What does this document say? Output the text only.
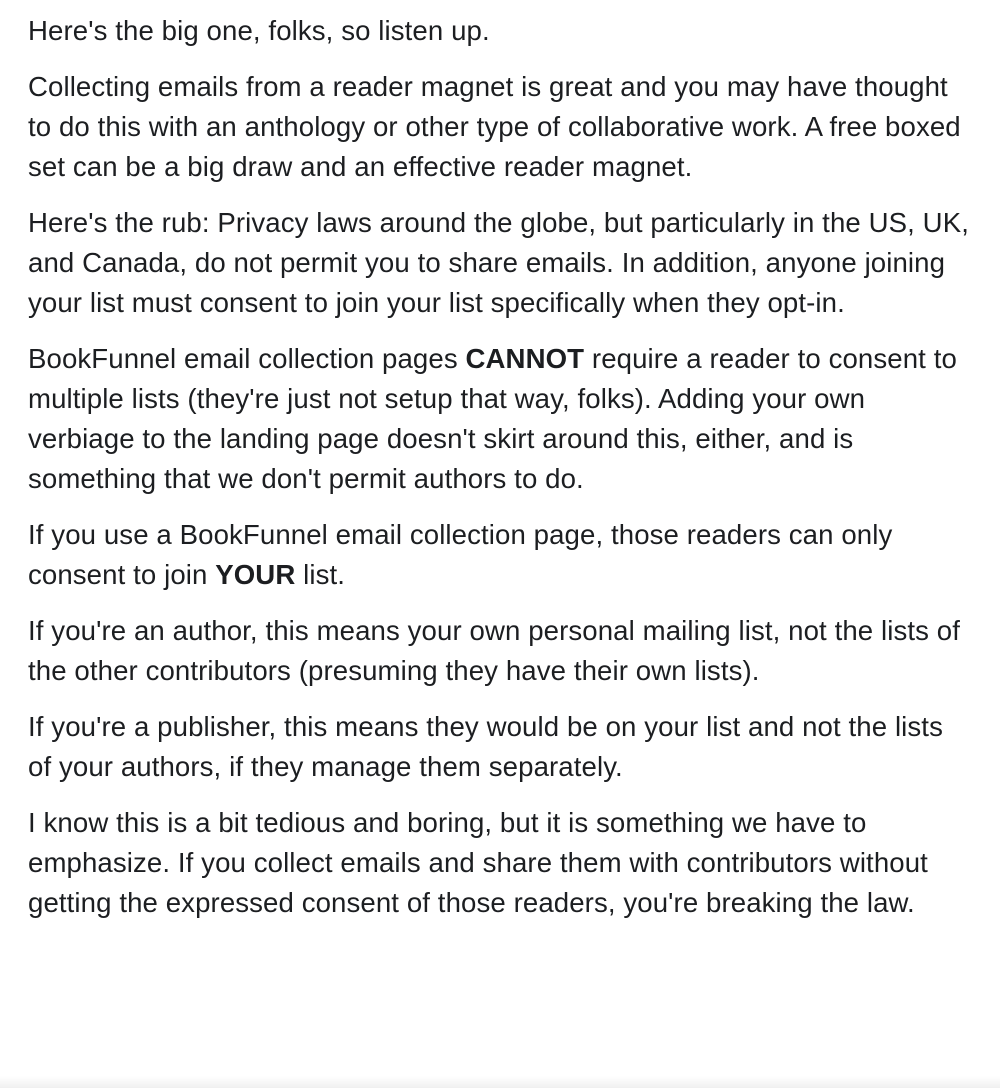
Here's the big one, folks, so listen up.

Collecting emails from a reader magnet is great and you may have thought to do this with an anthology or other type of collaborative work. A free boxed set can be a big draw and an effective reader magnet.

Here's the rub: Privacy laws around the globe, but particularly in the US, UK, and Canada, do not permit you to share emails. In addition, anyone joining your list must consent to join your list specifically when they opt-in.

BookFunnel email collection pages CANNOT require a reader to consent to multiple lists (they're just not setup that way, folks). Adding your own verbiage to the landing page doesn't skirt around this, either, and is something that we don't permit authors to do.

If you use a BookFunnel email collection page, those readers can only consent to join YOUR list.

If you're an author, this means your own personal mailing list, not the lists of the other contributors (presuming they have their own lists).

If you're a publisher, this means they would be on your list and not the lists of your authors, if they manage them separately.

I know this is a bit tedious and boring, but it is something we have to emphasize. If you collect emails and share them with contributors without getting the expressed consent of those readers, you're breaking the law.
